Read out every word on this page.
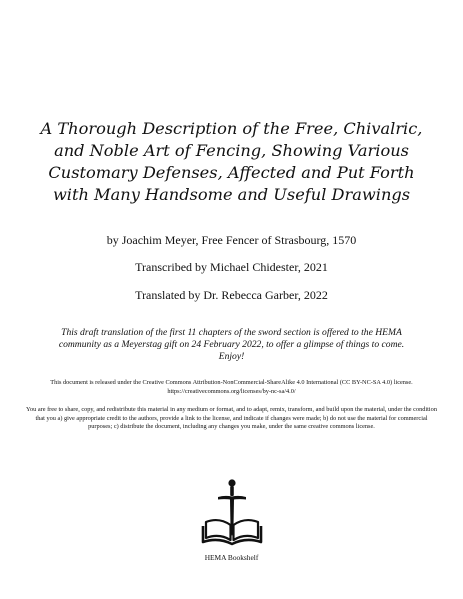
A Thorough Description of the Free, Chivalric, and Noble Art of Fencing, Showing Various Customary Defenses, Affected and Put Forth with Many Handsome and Useful Drawings

by Joachim Meyer, Free Fencer of Strasbourg, 1570

Transcribed by Michael Chidester, 2021

Translated by Dr. Rebecca Garber, 2022

This draft translation of the first 11 chapters of the sword section is offered to the HEMA community as a Meyerstag gift on 24 February 2022, to offer a glimpse of things to come. Enjoy!

This document is released under the Creative Commons Attribution-NonCommercial-ShareAlike 4.0 International (CC BY-NC-SA 4.0) license. https://creativecommons.org/licenses/by-nc-sa/4.0/

You are free to share, copy, and redistribute this material in any medium or format, and to adapt, remix, transform, and build upon the material, under the condition that you a) give appropriate credit to the authors, provide a link to the license, and indicate if changes were made; b) do not use the material for commercial purposes; c) distribute the document, including any changes you make, under the same creative commons license.

HEMA Bookshelf
